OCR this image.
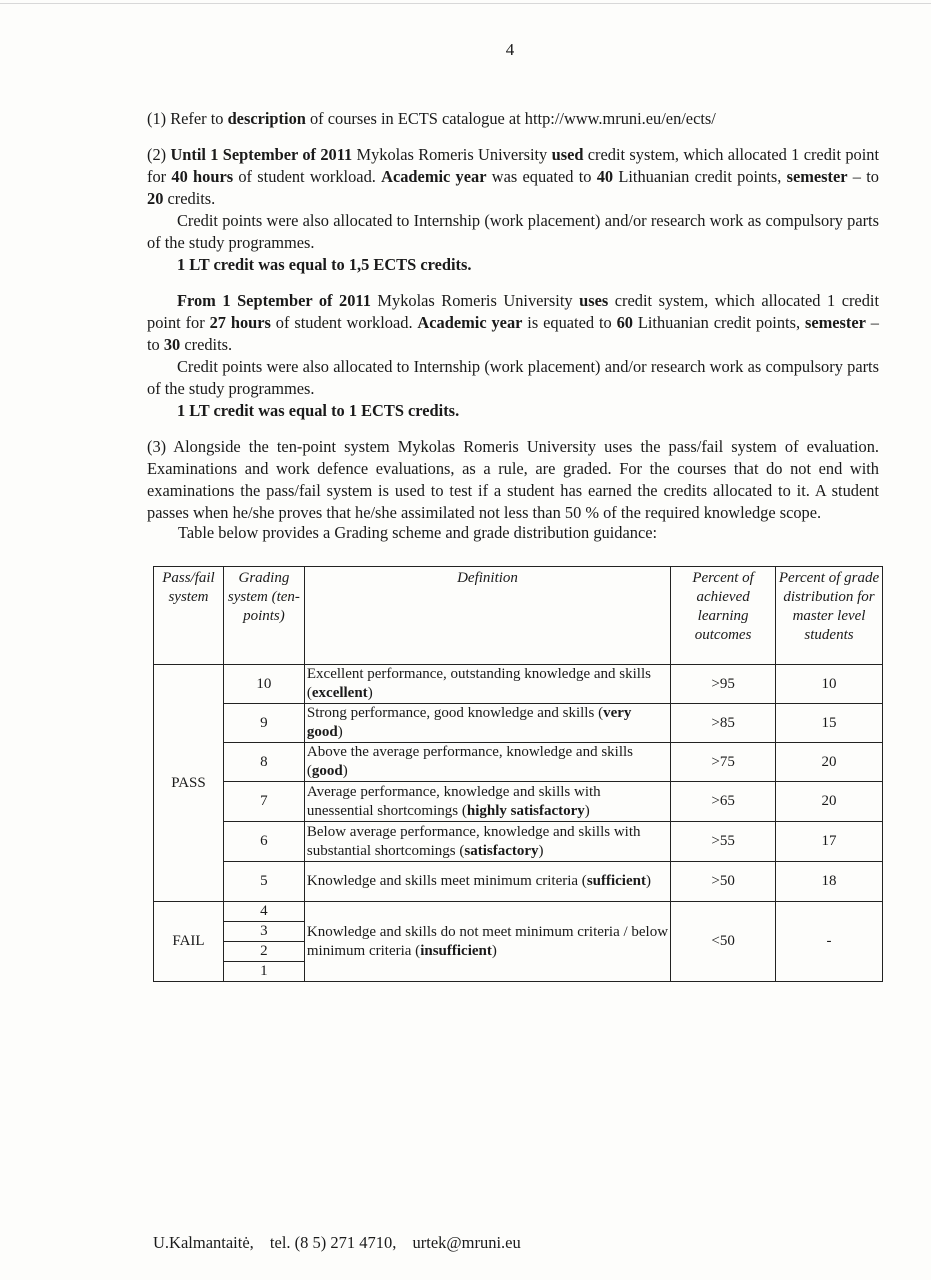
4

(1) Refer to description of courses in ECTS catalogue at http://www.mruni.eu/en/ects/

(2) Until 1 September of 2011 Mykolas Romeris University used credit system, which allocated 1 credit point for 40 hours of student workload. Academic year was equated to 40 Lithuanian credit points, semester – to 20 credits.

Credit points were also allocated to Internship (work placement) and/or research work as compulsory parts of the study programmes.

1 LT credit was equal to 1,5 ECTS credits.

From 1 September of 2011 Mykolas Romeris University uses credit system, which allocated 1 credit point for 27 hours of student workload. Academic year is equated to 60 Lithuanian credit points, semester – to 30 credits.

Credit points were also allocated to Internship (work placement) and/or research work as compulsory parts of the study programmes.

1 LT credit was equal to 1 ECTS credits.

(3) Alongside the ten-point system Mykolas Romeris University uses the pass/fail system of evaluation. Examinations and work defence evaluations, as a rule, are graded. For the courses that do not end with examinations the pass/fail system is used to test if a student has earned the credits allocated to it. A student passes when he/she proves that he/she assimilated not less than 50 % of the required knowledge scope.

Table below provides a Grading scheme and grade distribution guidance:

Pass/fail system	Grading system (ten-points)	Definition	Percent of achieved learning outcomes	Percent of grade distribution for master level students
PASS	10	Excellent performance, outstanding knowledge and skills (excellent)	>95	10
	9	Strong performance, good knowledge and skills (very good)	>85	15
	8	Above the average performance, knowledge and skills (good)	>75	20
	7	Average performance, knowledge and skills with unessential shortcomings (highly satisfactory)	>65	20
	6	Below average performance, knowledge and skills with substantial shortcomings (satisfactory)	>55	17
	5	Knowledge and skills meet minimum criteria (sufficient)	>50	18
FAIL	4	Knowledge and skills do not meet minimum criteria / below minimum criteria (insufficient)	<50	-
	3			
	2			
	1			
U.Kalmantaitė, tel. (8 5) 271 4710, urtek@mruni.eu
